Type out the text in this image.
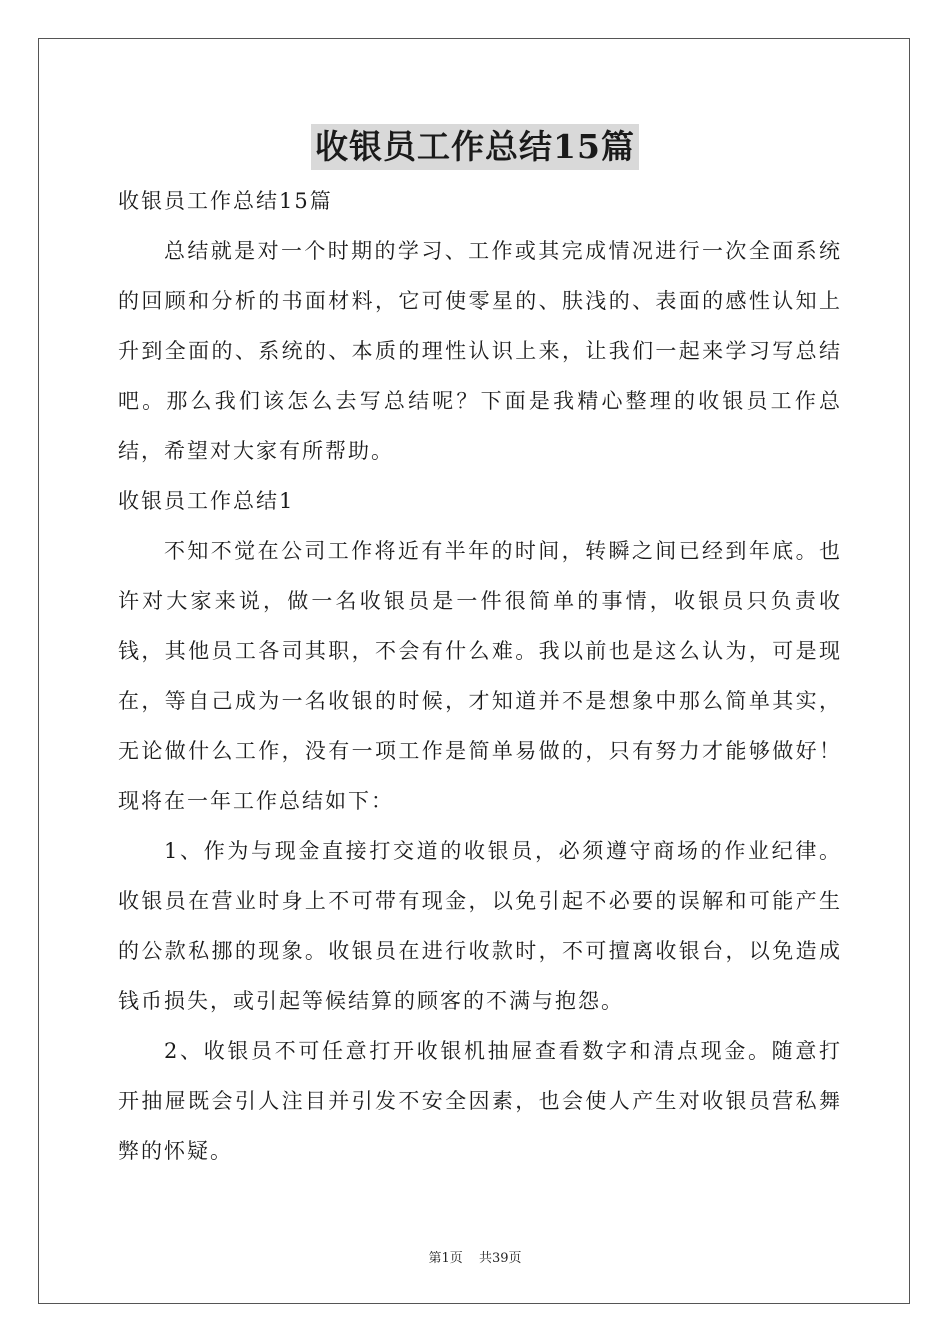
收银员工作总结15篇

收银员工作总结15篇

总结就是对一个时期的学习、工作或其完成情况进行一次全面系统的回顾和分析的书面材料，它可使零星的、肤浅的、表面的感性认知上升到全面的、系统的、本质的理性认识上来，让我们一起来学习写总结吧。那么我们该怎么去写总结呢？下面是我精心整理的收银员工作总结，希望对大家有所帮助。

收银员工作总结1

不知不觉在公司工作将近有半年的时间，转瞬之间已经到年底。也许对大家来说，做一名收银员是一件很简单的事情，收银员只负责收钱，其他员工各司其职，不会有什么难。我以前也是这么认为，可是现在，等自己成为一名收银的时候，才知道并不是想象中那么简单其实，无论做什么工作，没有一项工作是简单易做的，只有努力才能够做好！现将在一年工作总结如下：

1、作为与现金直接打交道的收银员，必须遵守商场的作业纪律。收银员在营业时身上不可带有现金，以免引起不必要的误解和可能产生的公款私挪的现象。收银员在进行收款时，不可擅离收银台，以免造成钱币损失，或引起等候结算的顾客的不满与抱怨。

2、收银员不可任意打开收银机抽屉查看数字和清点现金。随意打开抽屉既会引人注目并引发不安全因素，也会使人产生对收银员营私舞弊的怀疑。

第1页 共39页
